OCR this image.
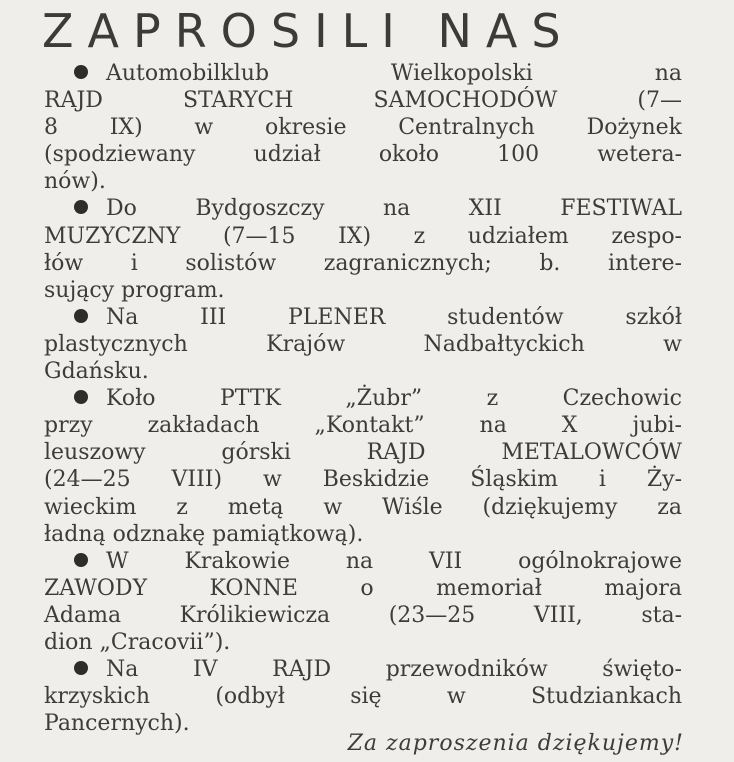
ZAPROSILI NAS
Automobilklub Wielkopolski na
RAJD STARYCH SAMOCHODÓW (7—
8 IX) w okresie Centralnych Dożynek
(spodziewany udział około 100 wetera-
nów).
Do Bydgoszczy na XII FESTIWAL
MUZYCZNY (7—15 IX) z udziałem zespo-
łów i solistów zagranicznych; b. intere-
sujący program.
Na III PLENER studentów szkół
plastycznych Krajów Nadbałtyckich w
Gdańsku.
Koło PTTK „Żubr” z Czechowic
przy zakładach „Kontakt” na X jubi-
leuszowy górski RAJD METALOWCÓW
(24—25 VIII) w Beskidzie Śląskim i Ży-
wieckim z metą w Wiśle (dziękujemy za
ładną odznakę pamiątkową).
W Krakowie na VII ogólnokrajowe
ZAWODY KONNE o memoriał majora
Adama Królikiewicza (23—25 VIII, sta-
dion „Cracovii”).
Na IV RAJD przewodników święto-
krzyskich (odbył się w Studziankach
Pancernych).
Za zaproszenia dziękujemy!
